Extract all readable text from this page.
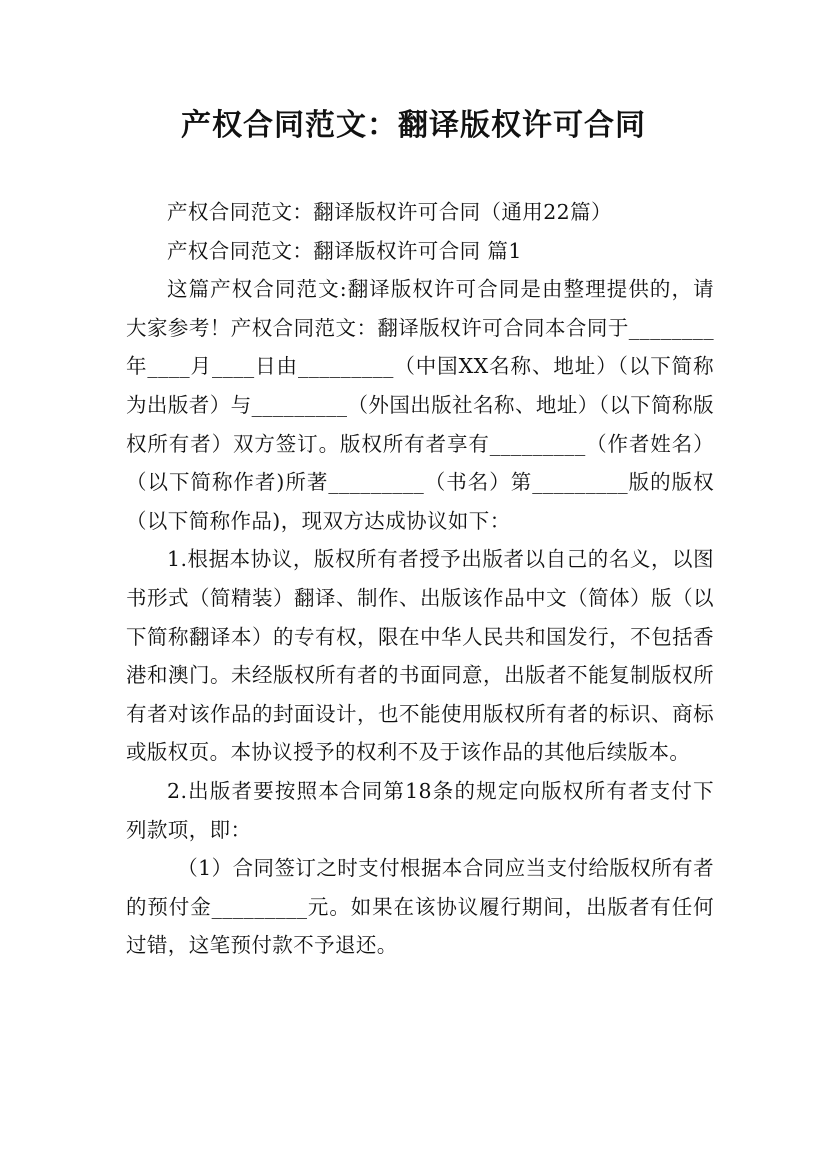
产权合同范文：翻译版权许可合同

产权合同范文：翻译版权许可合同（通用22篇）

产权合同范文：翻译版权许可合同 篇1

这篇产权合同范文:翻译版权许可合同是由整理提供的，请大家参考！产权合同范文：翻译版权许可合同本合同于________年____月____日由_________（中国XX名称、地址）（以下简称为出版者）与_________（外国出版社名称、地址）（以下简称版权所有者）双方签订。版权所有者享有_________（作者姓名）（以下简称作者)所著_________（书名）第_________版的版权（以下简称作品)，现双方达成协议如下：

1.根据本协议，版权所有者授予出版者以自己的名义，以图书形式（简精装）翻译、制作、出版该作品中文（简体）版（以下简称翻译本）的专有权，限在中华人民共和国发行，不包括香港和澳门。未经版权所有者的书面同意，出版者不能复制版权所有者对该作品的封面设计，也不能使用版权所有者的标识、商标或版权页。本协议授予的权利不及于该作品的其他后续版本。

2.出版者要按照本合同第18条的规定向版权所有者支付下列款项，即：

（1）合同签订之时支付根据本合同应当支付给版权所有者的预付金_________元。如果在该协议履行期间，出版者有任何过错，这笔预付款不予退还。
